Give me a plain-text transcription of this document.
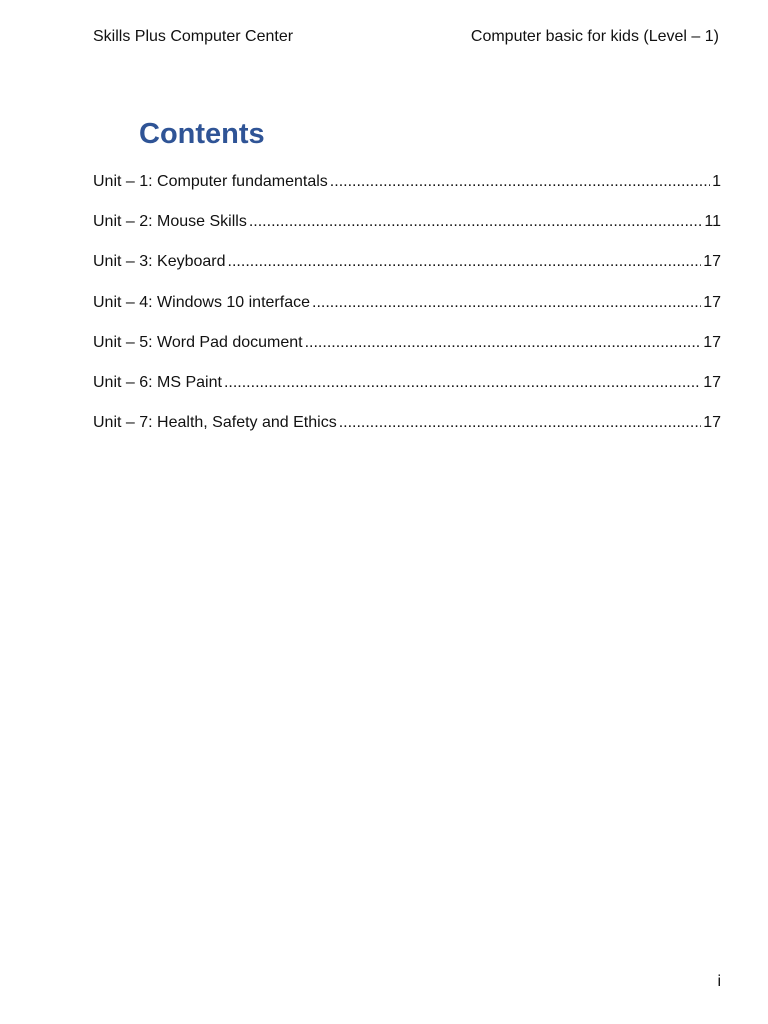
Skills Plus Computer Center	Computer basic for kids (Level – 1)
Contents
Unit – 1: Computer fundamentals .....	1
Unit – 2: Mouse Skills .....	11
Unit – 3: Keyboard .....	17
Unit – 4: Windows 10 interface .....	17
Unit – 5: Word Pad document .....	17
Unit – 6: MS Paint .....	17
Unit – 7: Health, Safety and Ethics .....	17
i
